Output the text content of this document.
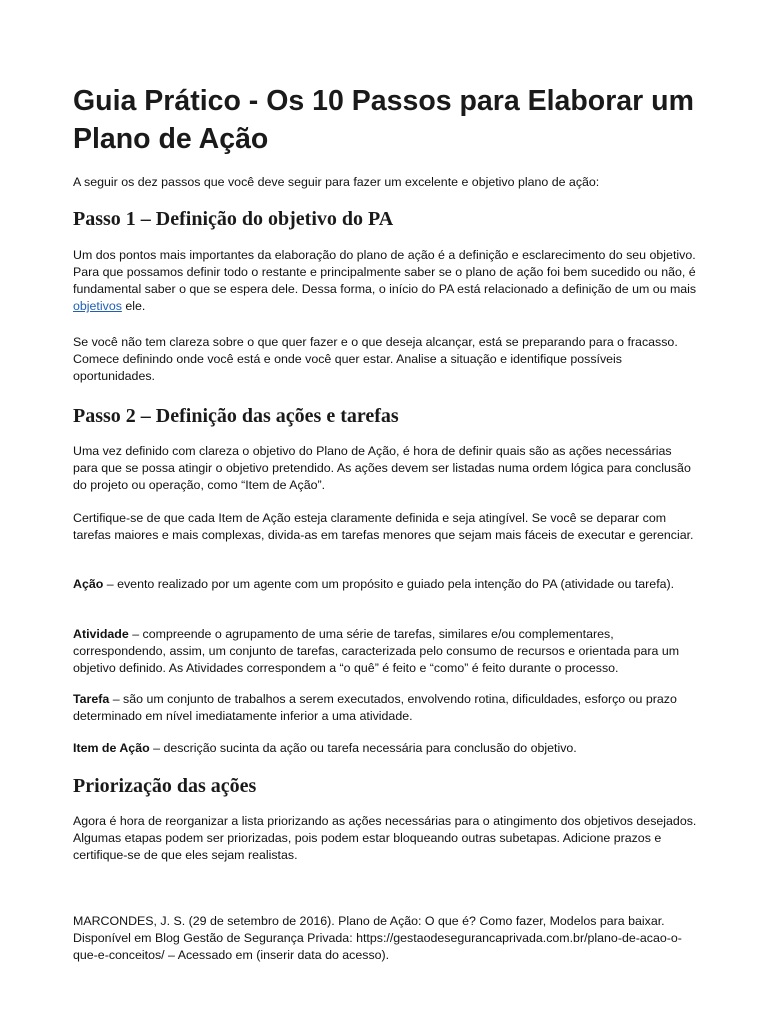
Guia Prático - Os 10 Passos para Elaborar um Plano de Ação

A seguir os dez passos que você deve seguir para fazer um excelente e objetivo plano de ação:

Passo 1 – Definição do objetivo do PA

Um dos pontos mais importantes da elaboração do plano de ação é a definição e esclarecimento do seu objetivo. Para que possamos definir todo o restante e principalmente saber se o plano de ação foi bem sucedido ou não, é fundamental saber o que se espera dele. Dessa forma, o início do PA está relacionado a definição de um ou mais objetivos ele.

Se você não tem clareza sobre o que quer fazer e o que deseja alcançar, está se preparando para o fracasso. Comece definindo onde você está e onde você quer estar. Analise a situação e identifique possíveis oportunidades.

Passo 2 – Definição das ações e tarefas

Uma vez definido com clareza o objetivo do Plano de Ação, é hora de definir quais são as ações necessárias para que se possa atingir o objetivo pretendido. As ações devem ser listadas numa ordem lógica para conclusão do projeto ou operação, como “Item de Ação”.

Certifique-se de que cada Item de Ação esteja claramente definida e seja atingível. Se você se deparar com tarefas maiores e mais complexas, divida-as em tarefas menores que sejam mais fáceis de executar e gerenciar.

Ação – evento realizado por um agente com um propósito e guiado pela intenção do PA (atividade ou tarefa).

Atividade – compreende o agrupamento de uma série de tarefas, similares e/ou complementares, correspondendo, assim, um conjunto de tarefas, caracterizada pelo consumo de recursos e orientada para um objetivo definido. As Atividades correspondem a “o quê” é feito e “como” é feito durante o processo.

Tarefa – são um conjunto de trabalhos a serem executados, envolvendo rotina, dificuldades, esforço ou prazo determinado em nível imediatamente inferior a uma atividade.

Item de Ação – descrição sucinta da ação ou tarefa necessária para conclusão do objetivo.

Priorização das ações

Agora é hora de reorganizar a lista priorizando as ações necessárias para o atingimento dos objetivos desejados. Algumas etapas podem ser priorizadas, pois podem estar bloqueando outras subetapas. Adicione prazos e certifique-se de que eles sejam realistas.

MARCONDES, J. S. (29 de setembro de 2016). Plano de Ação: O que é? Como fazer, Modelos para baixar. Disponível em Blog Gestão de Segurança Privada: https://gestaodesegurancaprivada.com.br/plano-de-acao-o-que-e-conceitos/ – Acessado em (inserir data do acesso).
